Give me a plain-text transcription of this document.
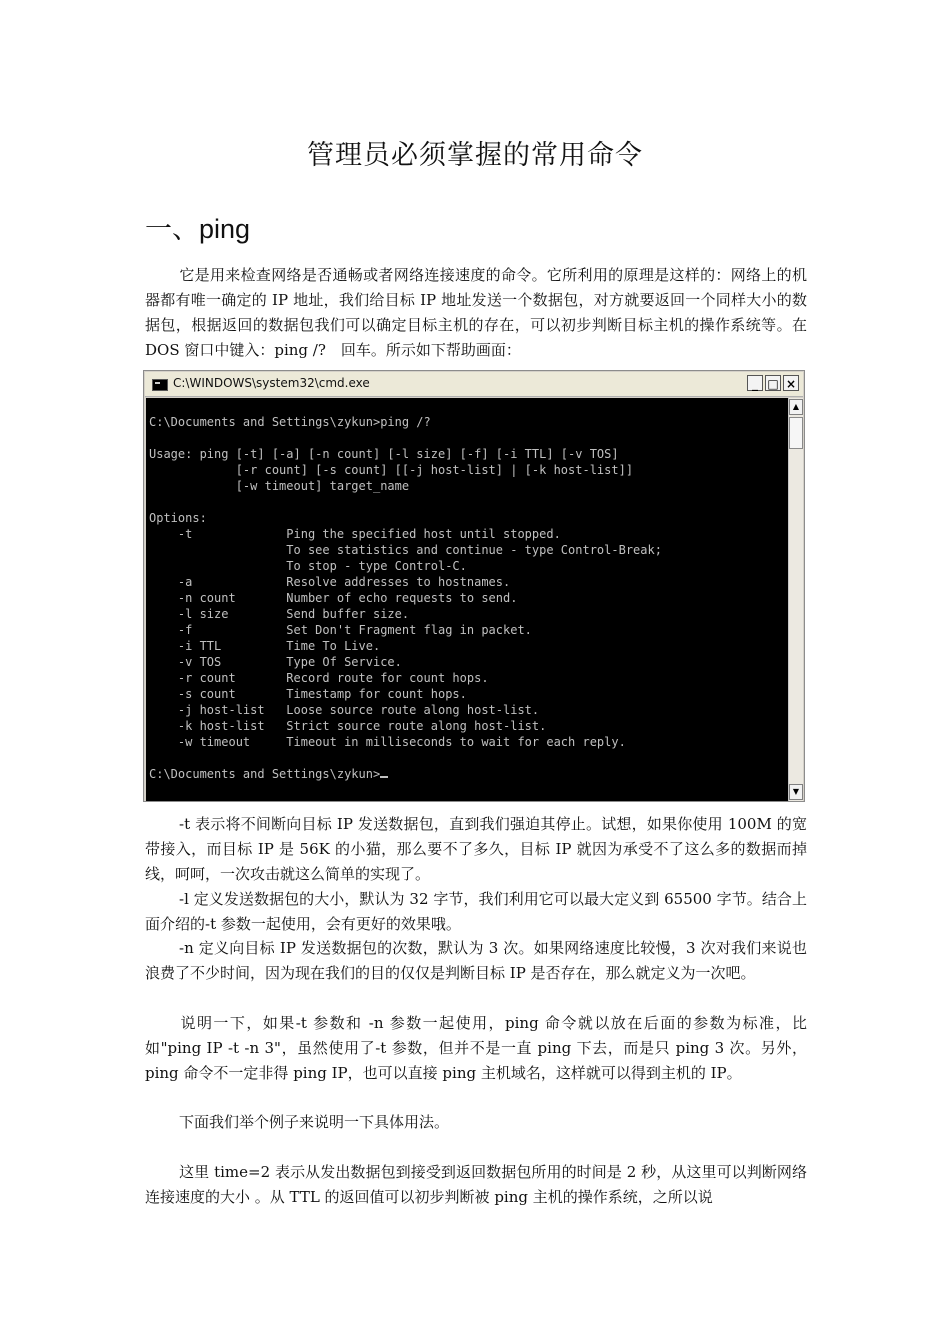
管理员必须掌握的常用命令
一、ping

它是用来检查网络是否通畅或者网络连接速度的命令。它所利用的原理是这样的：网络上的机器都有唯一确定的 IP 地址，我们给目标 IP 地址发送一个数据包，对方就要返回一个同样大小的数据包，根据返回的数据包我们可以确定目标主机的存在，可以初步判断目标主机的操作系统等。在 DOS 窗口中键入：ping /?　回车。所示如下帮助画面：

C:\WINDOWS\system32\cmd.exe	_ □ ×

C:\Documents and Settings\zykun>ping /?

Usage: ping [-t] [-a] [-n count] [-l size] [-f] [-i TTL] [-v TOS]
[-r count] [-s count] [[-j host-list] | [-k host-list]]
[-w timeout] target_name

Options:
-t             Ping the specified host until stopped.
To see statistics and continue - type Control-Break;
To stop - type Control-C.
-a             Resolve addresses to hostnames.
-n count       Number of echo requests to send.
-l size        Send buffer size.
-f             Set Don't Fragment flag in packet.
-i TTL         Time To Live.
-v TOS         Type Of Service.
-r count       Record route for count hops.
-s count       Timestamp for count hops.
-j host-list   Loose source route along host-list.
-k host-list   Strict source route along host-list.
-w timeout     Timeout in milliseconds to wait for each reply.

C:\Documents and Settings\zykun>
▲
▼

-t 表示将不间断向目标 IP 发送数据包，直到我们强迫其停止。试想，如果你使用 100M 的宽带接入，而目标 IP 是 56K 的小猫，那么要不了多久，目标 IP 就因为承受不了这么多的数据而掉线，呵呵，一次攻击就这么简单的实现了。

-l 定义发送数据包的大小，默认为 32 字节，我们利用它可以最大定义到 65500 字节。结合上面介绍的-t 参数一起使用，会有更好的效果哦。

-n 定义向目标 IP 发送数据包的次数，默认为 3 次。如果网络速度比较慢，3 次对我们来说也浪费了不少时间，因为现在我们的目的仅仅是判断目标 IP 是否存在，那么就定义为一次吧。

说明一下，如果-t 参数和 -n 参数一起使用，ping 命令就以放在后面的参数为标准，比如"ping IP -t -n 3"，虽然使用了-t 参数，但并不是一直 ping 下去，而是只 ping 3 次。另外，ping 命令不一定非得 ping IP，也可以直接 ping 主机域名，这样就可以得到主机的 IP。

下面我们举个例子来说明一下具体用法。

这里 time=2 表示从发出数据包到接受到返回数据包所用的时间是 2 秒，从这里可以判断网络连接速度的大小 。从 TTL 的返回值可以初步判断被 ping 主机的操作系统，之所以说
